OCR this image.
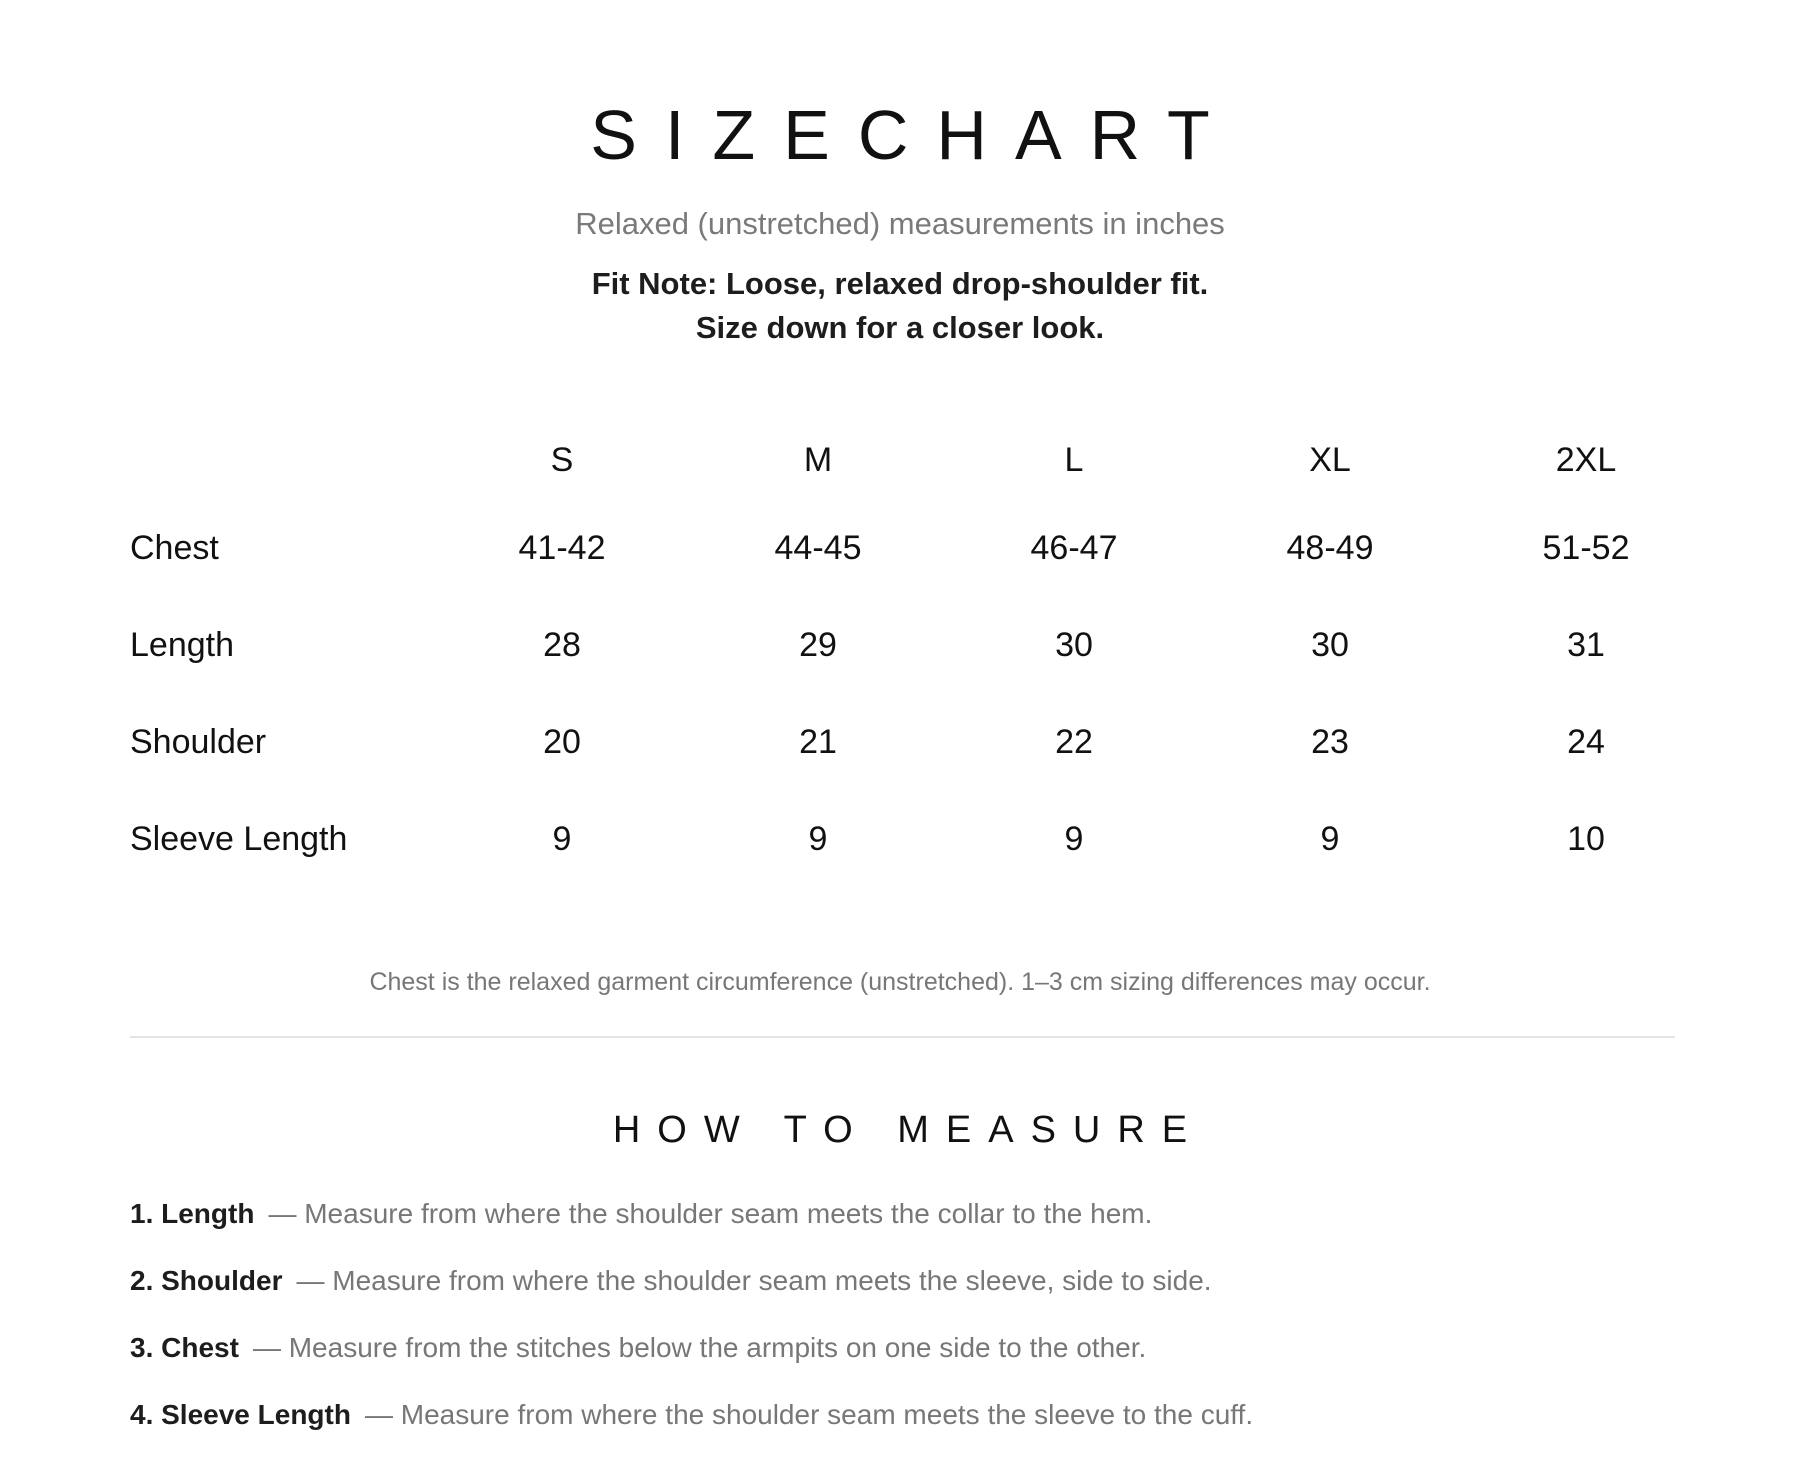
SIZECHART
Relaxed (unstretched) measurements in inches
Fit Note: Loose, relaxed drop-shoulder fit.
Size down for a closer look.
	S	M	L	XL	2XL
Chest	41-42	44-45	46-47	48-49	51-52
Length	28	29	30	30	31
Shoulder	20	21	22	23	24
Sleeve Length	9	9	9	9	10
Chest is the relaxed garment circumference (unstretched). 1–3 cm sizing differences may occur.
HOW TO MEASURE
1. Length — Measure from where the shoulder seam meets the collar to the hem.
2. Shoulder — Measure from where the shoulder seam meets the sleeve, side to side.
3. Chest — Measure from the stitches below the armpits on one side to the other.
4. Sleeve Length — Measure from where the shoulder seam meets the sleeve to the cuff.
